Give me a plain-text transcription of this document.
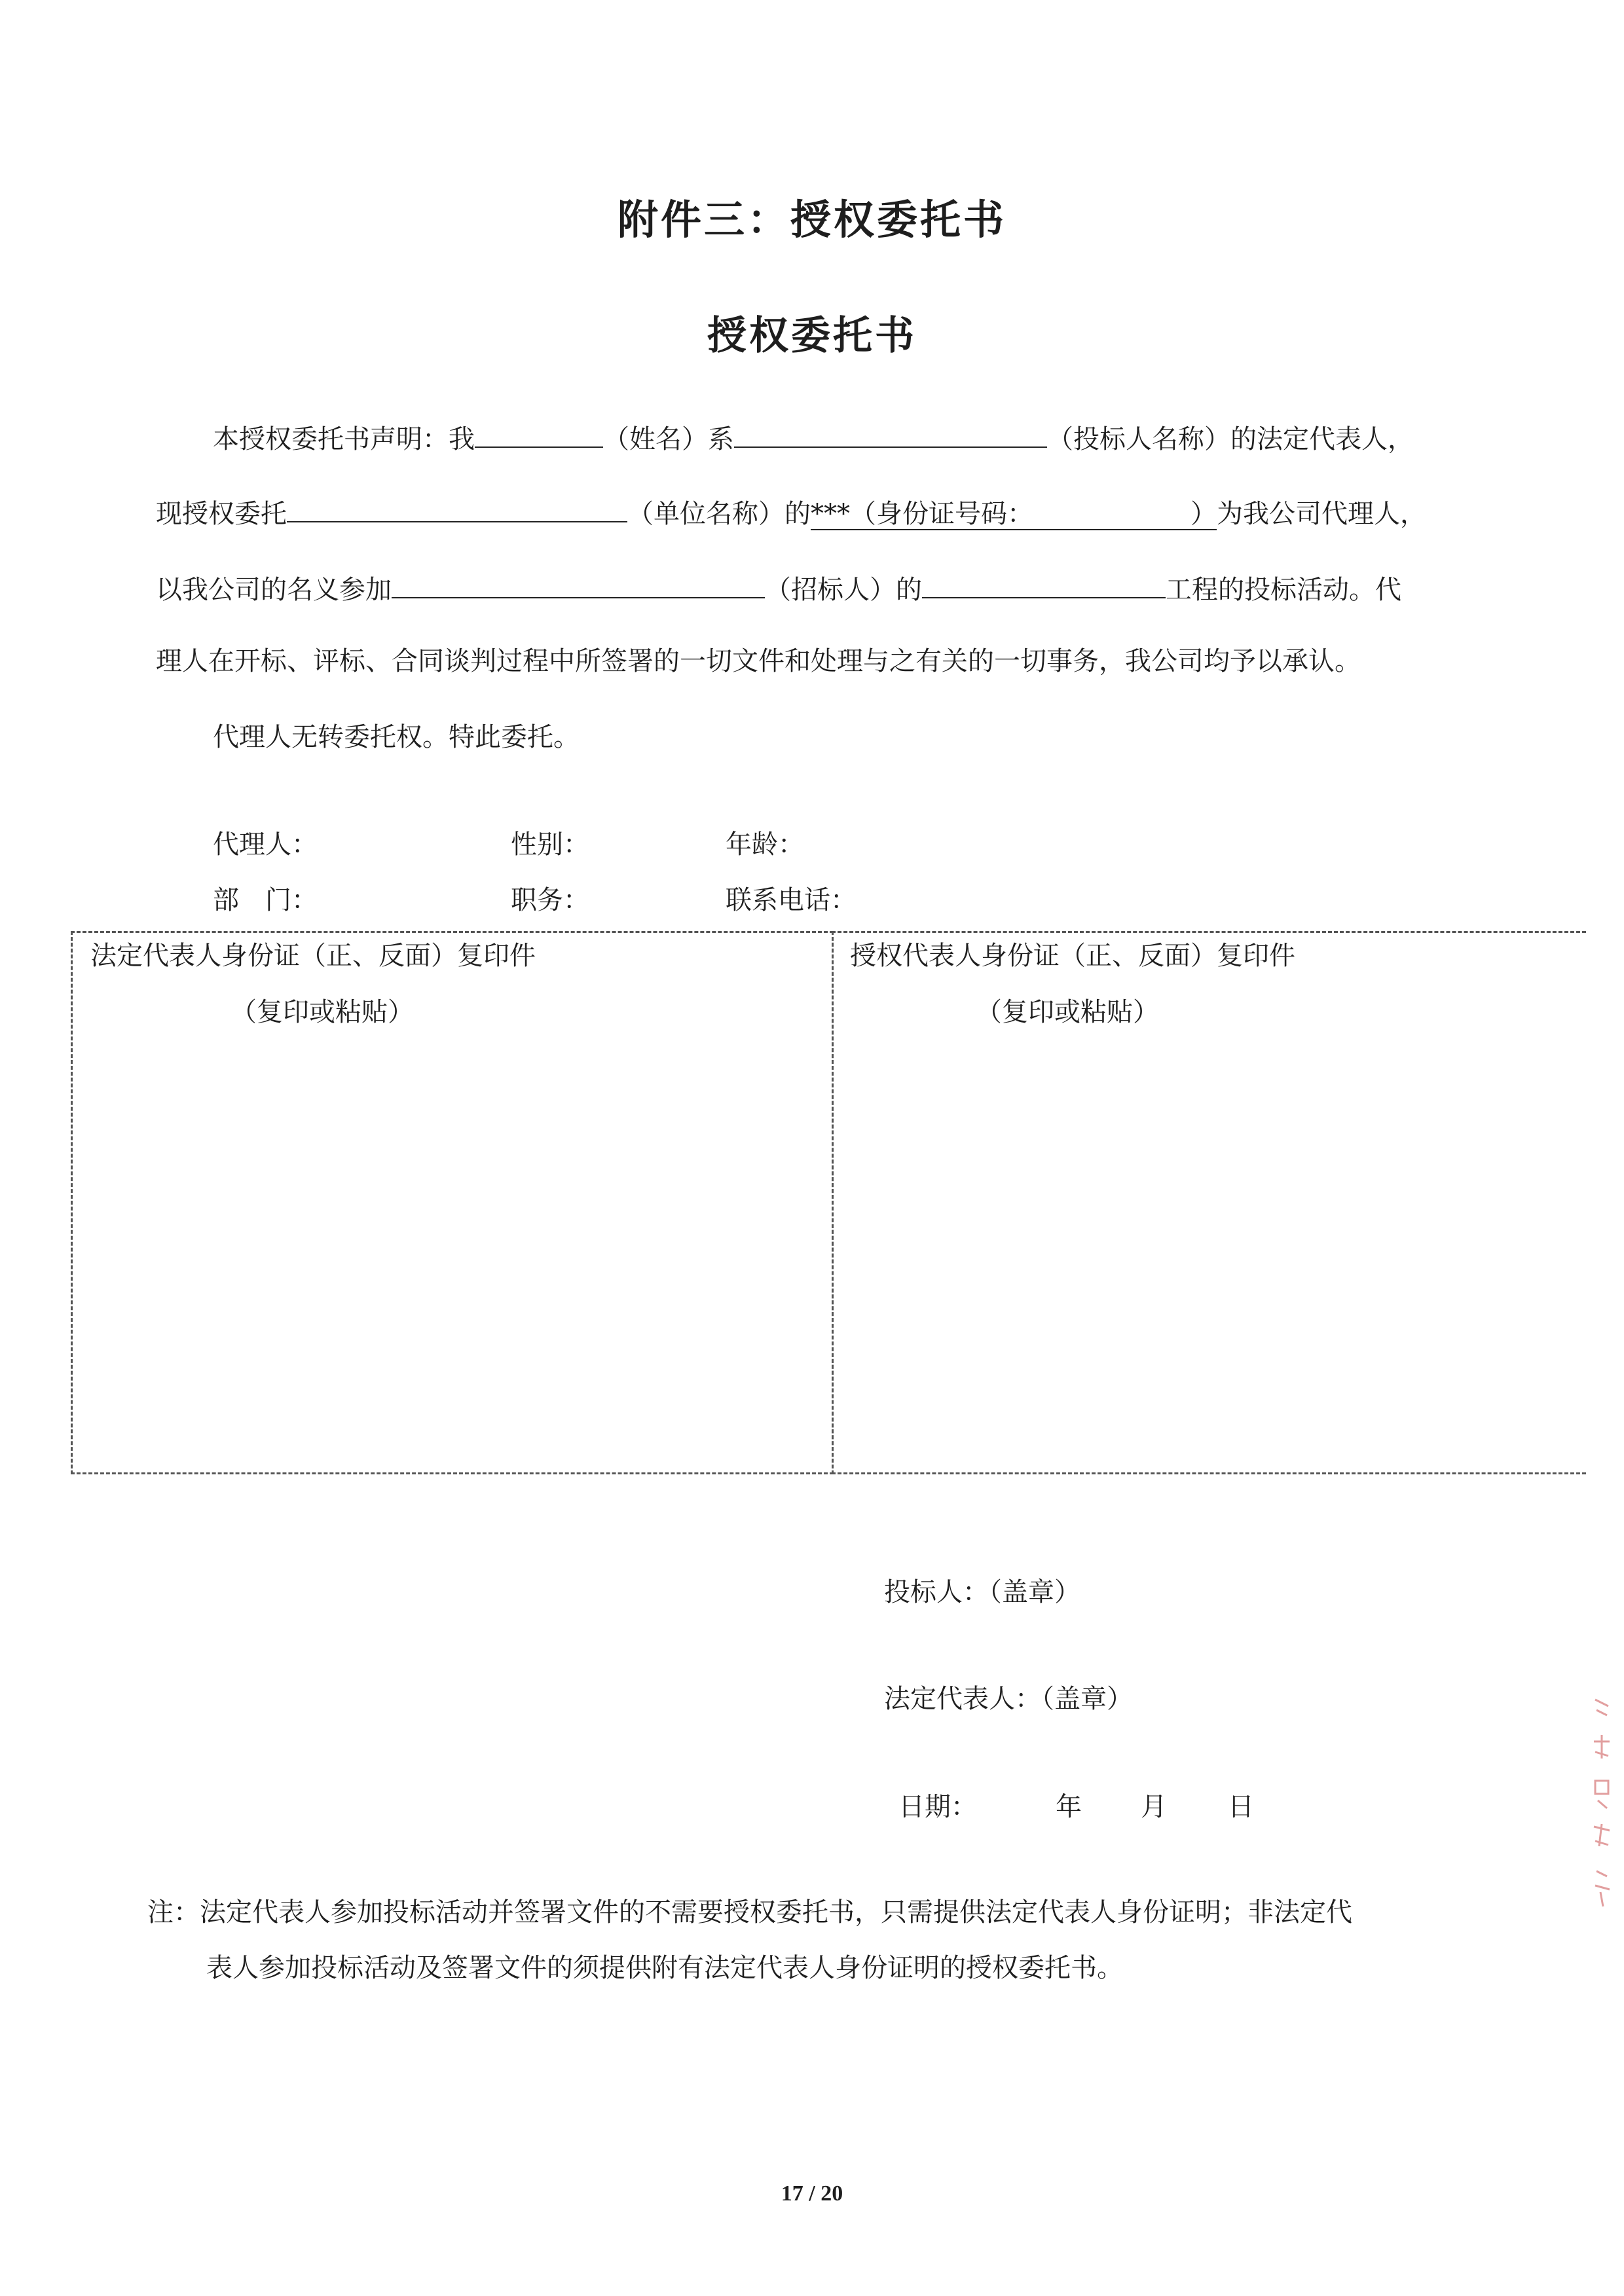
附件三：授权委托书
授权委托书
本授权委托书声明：我	（姓名）系	（投标人名称）的法定代表人，
现授权委托	（单位名称）的***（身份证号码：	）为我公司代理人，
以我公司的名义参加	（招标人）的	工程的投标活动。代
理人在开标、评标、合同谈判过程中所签署的一切文件和处理与之有关的一切事务，我公司均予以承认。
代理人无转委托权。特此委托。
代理人：	性别：	年龄：
部　门：	职务：	联系电话：
法定代表人身份证（正、反面）复印件
（复印或粘贴）
授权代表人身份证（正、反面）复印件
（复印或粘贴）
投标人：（盖章）
法定代表人：（盖章）
日期：	年 月 日
注：法定代表人参加投标活动并签署文件的不需要授权委托书，只需提供法定代表人身份证明；非法定代
表人参加投标活动及签署文件的须提供附有法定代表人身份证明的授权委托书。
17 / 20
